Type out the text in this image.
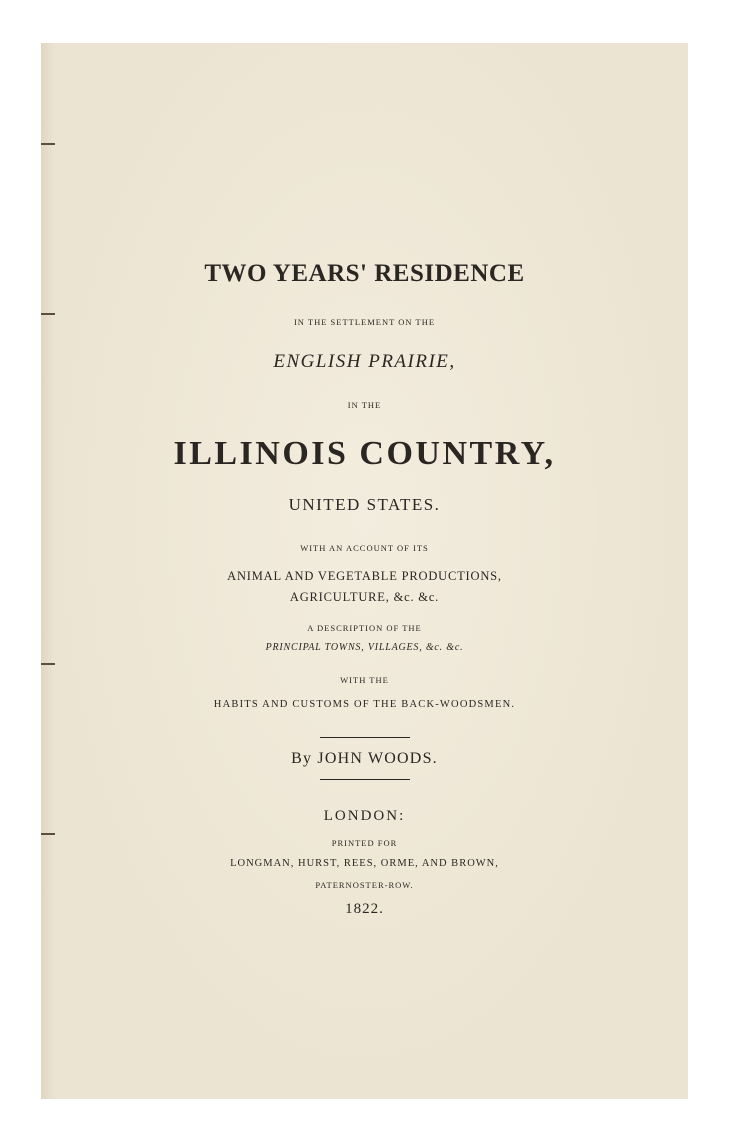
TWO YEARS' RESIDENCE
IN THE SETTLEMENT ON THE
ENGLISH PRAIRIE,
IN THE
ILLINOIS COUNTRY,
UNITED STATES.
WITH AN ACCOUNT OF ITS
ANIMAL AND VEGETABLE PRODUCTIONS,
AGRICULTURE, &c. &c.
A DESCRIPTION OF THE
PRINCIPAL TOWNS, VILLAGES, &c. &c.
WITH THE
HABITS AND CUSTOMS OF THE BACK-WOODSMEN.
By JOHN WOODS.
LONDON:
PRINTED FOR
LONGMAN, HURST, REES, ORME, AND BROWN,
PATERNOSTER-ROW.
1822.
